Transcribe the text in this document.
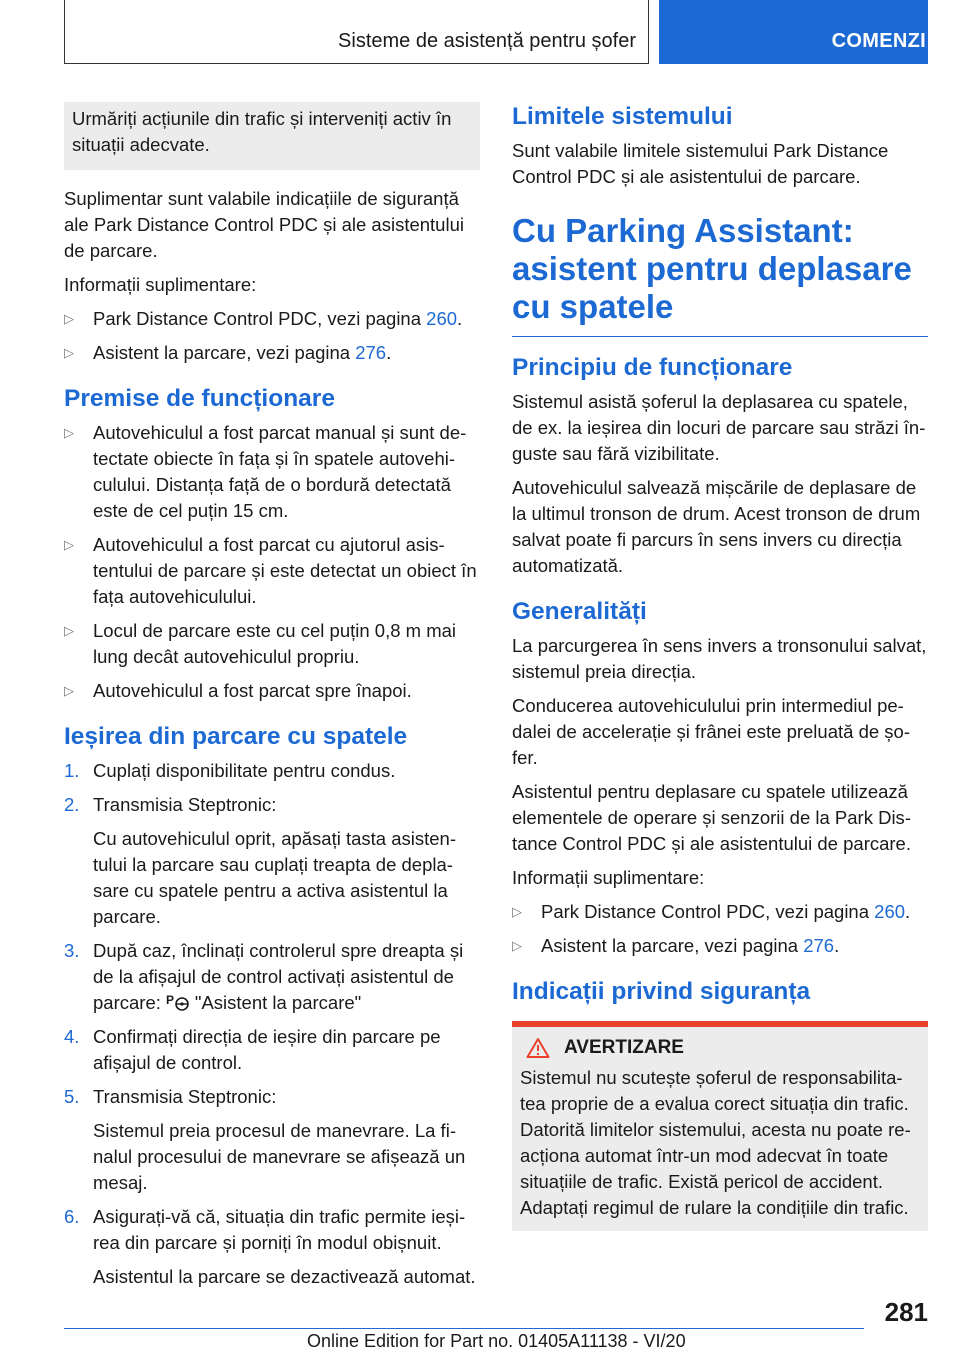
Sisteme de asistență pentru șofer	COMENZI

Urmăriți acțiunile din trafic și interveniți activ în situații adecvate.

Suplimentar sunt valabile indicațiile de siguranță ale Park Distance Control PDC și ale asistentului de parcare.

Informații suplimentare:

▷ Park Distance Control PDC, vezi pagina 260.
▷ Asistent la parcare, vezi pagina 276.
Premise de funcționare
▷ Autovehiculul a fost parcat manual și sunt detectate obiecte în fața și în spatele autovehiculului. Distanța față de o bordură detectată este de cel puțin 15 cm.
▷ Autovehiculul a fost parcat cu ajutorul asistentului de parcare și este detectat un obiect în fața autovehiculului.
▷ Locul de parcare este cu cel puțin 0,8 m mai lung decât autovehiculul propriu.
▷ Autovehiculul a fost parcat spre înapoi.
Ieșirea din parcare cu spatele
1. Cuplați disponibilitate pentru condus.
2. Transmisia Steptronic:
Cu autovehiculul oprit, apăsați tasta asistentului la parcare sau cuplați treapta de deplasare cu spatele pentru a activa asistentul la parcare.
3. După caz, înclinați controlerul spre dreapta și de la afișajul de control activați asistentul de parcare: P "Asistent la parcare"
4. Confirmați direcția de ieșire din parcare pe afișajul de control.
5. Transmisia Steptronic:
Sistemul preia procesul de manevrare. La finalul procesului de manevrare se afișează un mesaj.
6. Asigurați-vă că, situația din trafic permite ieșirea din parcare și porniți în modul obișnuit.
Asistentul la parcare se dezactivează automat.
Limitele sistemului

Sunt valabile limitele sistemului Park Distance Control PDC și ale asistentului de parcare.

Cu Parking Assistant: asistent pentru deplasare cu spatele
Principiu de funcționare

Sistemul asistă șoferul la deplasarea cu spatele, de ex. la ieșirea din locuri de parcare sau străzi înguste sau fără vizibilitate.

Autovehiculul salvează mișcările de deplasare de la ultimul tronson de drum. Acest tronson de drum salvat poate fi parcurs în sens invers cu direcția automatizată.

Generalități

La parcurgerea în sens invers a tronsonului salvat, sistemul preia direcția.

Conducerea autovehiculului prin intermediul pedalei de accelerație și frânei este preluată de șofer.

Asistentul pentru deplasare cu spatele utilizează elementele de operare și senzorii de la Park Distance Control PDC și ale asistentului de parcare.

Informații suplimentare:

▷ Park Distance Control PDC, vezi pagina 260.
▷ Asistent la parcare, vezi pagina 276.
Indicații privind siguranța
AVERTIZARE

Sistemul nu scutește șoferul de responsabilitatea proprie de a evalua corect situația din trafic. Datorită limitelor sistemului, acesta nu poate reacționa automat într-un mod adecvat în toate situațiile de trafic. Există pericol de accident. Adaptați regimul de rulare la condițiile din trafic.

281
Online Edition for Part no. 01405A11138 - VI/20
